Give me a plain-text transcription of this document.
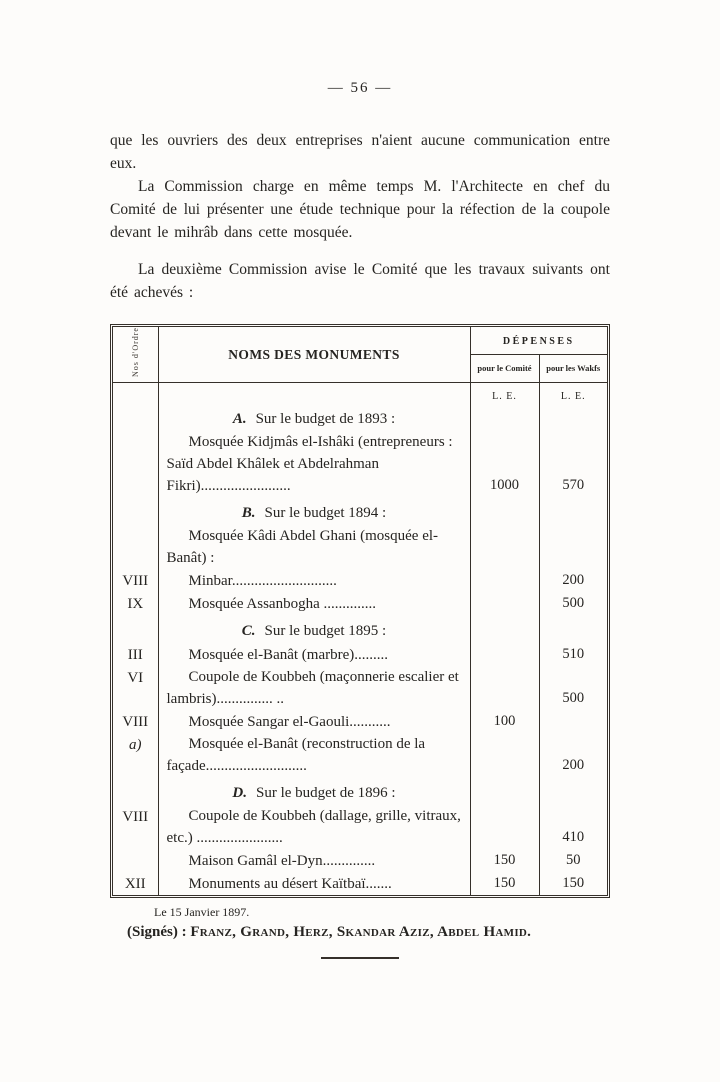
— 56 —

que les ouvriers des deux entreprises n'aient aucune communication entre eux.

La Commission charge en même temps M. l'Architecte en chef du Comité de lui présenter une étude technique pour la réfection de la coupole devant le mihrâb dans cette mosquée.

La deuxième Commission avise le Comité que les travaux suivants ont été achevés :

Nos d'Ordre	NOMS DES MONUMENTS	DÉPENSES	
		pour le Comité	pour les Wakfs
		L. E.	L. E.
	A. Sur le budget de 1893 :		

	Mosquée Kidjmâs el-Ishâki (entrepreneurs : Saïd Abdel Khâlek et Abdelrahman Fikri)........................	1000	570
	B. Sur le budget 1894 :		

	Mosquée Kâdi Abdel Ghani (mosquée el-Banât) :		

VIII	Minbar............................		200
IX	Mosquée Assanbogha ..............		500
	C. Sur le budget 1895 :		
III	Mosquée el-Banât (marbre).........		510
VI	Coupole de Koubbeh (maçonnerie escalier et lambris)............... ..		500
VIII	Mosquée Sangar el-Gaouli...........	100	
a)	Mosquée el-Banât (reconstruction de la façade...........................		200
	D. Sur le budget de 1896 :		
VIII	Coupole de Koubbeh (dallage, grille, vitraux, etc.) .......................		410

	Maison Gamâl el-Dyn..............	150	50
XII	Monuments au désert Kaïtbaï.......	150	150
Le 15 Janvier 1897.
(Signés) : Franz, Grand, Herz, Skandar Aziz, Abdel Hamid.
